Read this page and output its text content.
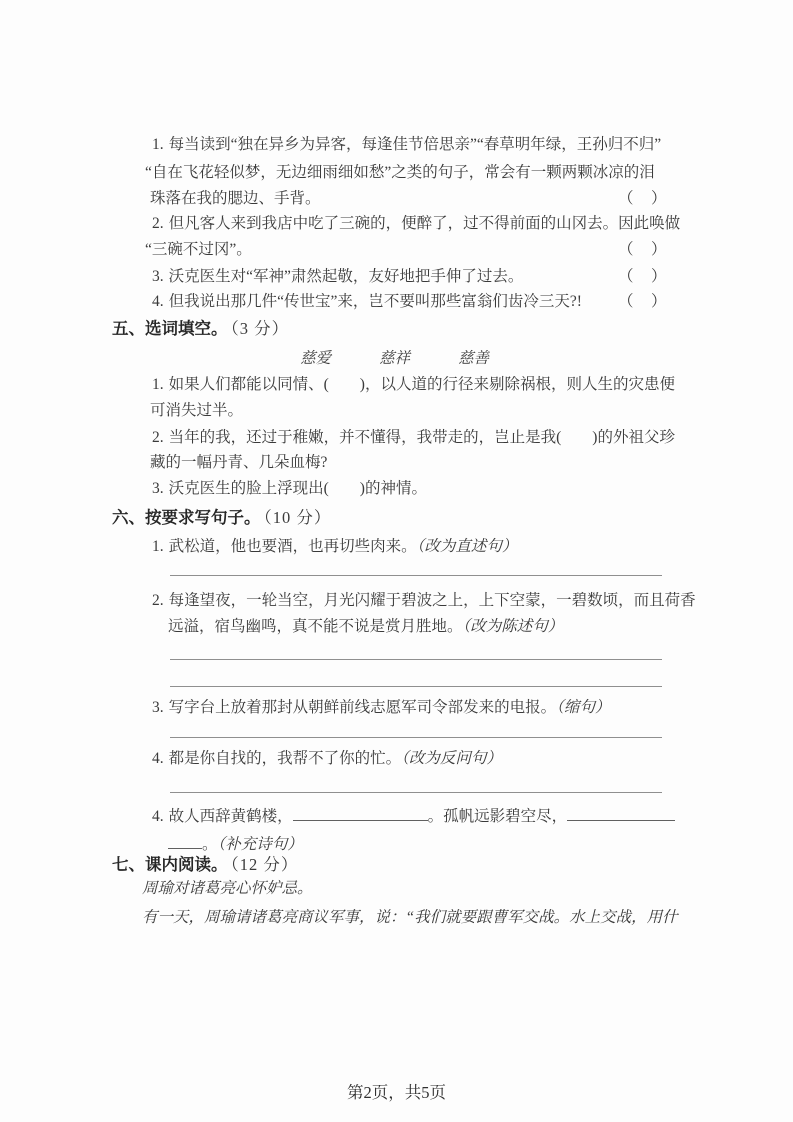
1. 每当读到“独在异乡为异客，每逢佳节倍思亲”“春草明年绿，王孙归不归”
“自在飞花轻似梦，无边细雨细如愁”之类的句子，常会有一颗两颗冰凉的泪
珠落在我的腮边、手背。	（　）
2. 但凡客人来到我店中吃了三碗的，便醉了，过不得前面的山冈去。因此唤做
“三碗不过冈”。	（　）
3. 沃克医生对“军神”肃然起敬，友好地把手伸了过去。	（　）
4. 但我说出那几件“传世宝”来，岂不要叫那些富翁们齿冷三天?! （　）
五、选词填空。 （3 分）
慈爱	慈祥	慈善
1. 如果人们都能以同情、(　　)，以人道的行径来剔除祸根，则人生的灾患便
可消失过半。
2. 当年的我，还过于稚嫩，并不懂得，我带走的，岂止是我(　　)的外祖父珍
藏的一幅丹青、几朵血梅?
3. 沃克医生的脸上浮现出(　　)的神情。
六、按要求写句子。 （10 分）
1. 武松道，他也要酒，也再切些肉来。（改为直述句）
2. 每逢望夜，一轮当空，月光闪耀于碧波之上，上下空蒙，一碧数顷，而且荷香
远溢，宿鸟幽鸣，真不能不说是赏月胜地。（改为陈述句）
3. 写字台上放着那封从朝鲜前线志愿军司令部发来的电报。（缩句）
4. 都是你自找的，我帮不了你的忙。（改为反问句）
4. 故人西辞黄鹤楼，	。孤帆远影碧空尽，
。（补充诗句）
七、课内阅读。 （12 分）
周瑜对诸葛亮心怀妒忌。
有一天，周瑜请诸葛亮商议军事，说：“我们就要跟曹军交战。水上交战，用什
第2页，共5页
